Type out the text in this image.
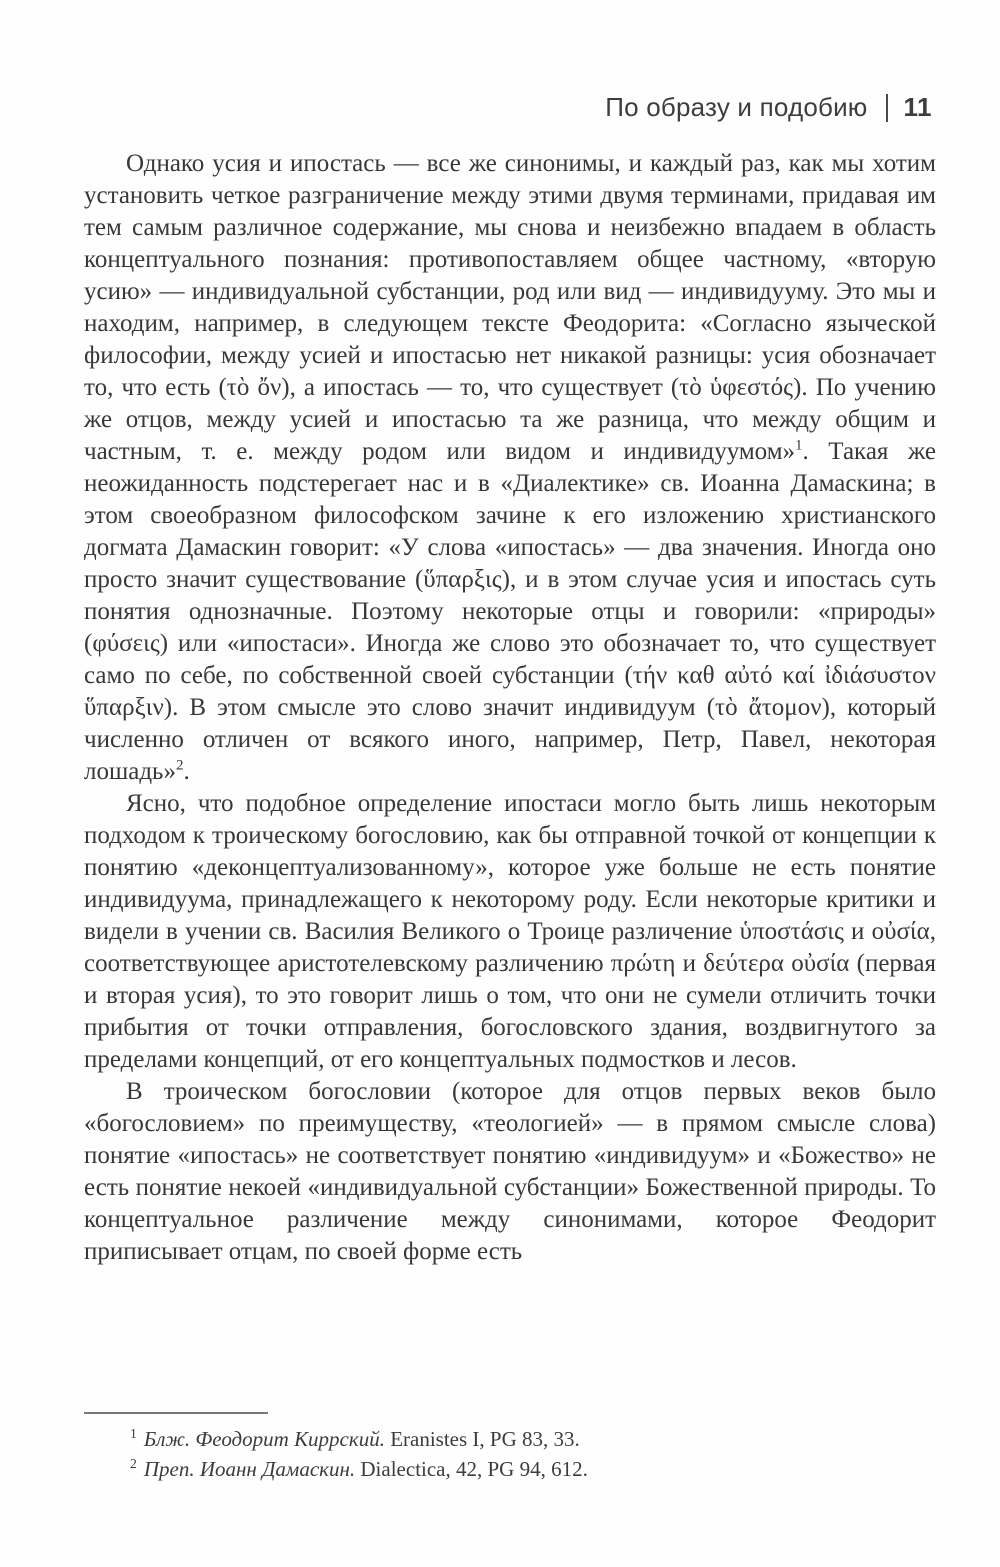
По образу и подобию 11

Однако усия и ипостась — все же синонимы, и каждый раз, как мы хотим установить четкое разграничение между этими двумя терминами, придавая им тем самым различное содержание, мы снова и неизбежно впадаем в область концептуального познания: противопоставляем общее частному, «вторую усию» — индивидуальной субстанции, род или вид — индивидууму. Это мы и находим, например, в следующем тексте Феодорита: «Согласно языческой философии, между усией и ипостасью нет никакой разницы: усия обозначает то, что есть (τὸ ὄν), а ипостась — то, что существует (τὸ ὑφεστός). По учению же отцов, между усией и ипостасью та же разница, что между общим и частным, т. е. между родом или видом и индивидуумом»$^1$. Такая же неожиданность подстерегает нас и в «Диалектике» св. Иоанна Дамаскина; в этом своеобразном философском зачине к его изложению христианского догмата Дамаскин говорит: «У слова «ипостась» — два значения. Иногда оно просто значит существование (ὕπαρξις), и в этом случае усия и ипостась суть понятия однозначные. Поэтому некоторые отцы и говорили: «природы» (φύσεις) или «ипостаси». Иногда же слово это обозначает то, что существует само по себе, по собственной своей субстанции (τήν καθ αὐτό καί ἰδιάσυστον ὕπαρξιν). В этом смысле это слово значит индивидуум (τὸ ἄτομον), который численно отличен от всякого иного, например, Петр, Павел, некоторая лошадь»$^2$.

Ясно, что подобное определение ипостаси могло быть лишь некоторым подходом к троическому богословию, как бы отправной точкой от концепции к понятию «деконцептуализованному», которое уже больше не есть понятие индивидуума, принадлежащего к некоторому роду. Если некоторые критики и видели в учении св. Василия Великого о Троице различение ὑποστάσις и οὐσία, соответствующее аристотелевскому различению πρώτη и δεύτερα οὐσία (первая и вторая усия), то это говорит лишь о том, что они не сумели отличить точки прибытия от точки отправления, богословского здания, воздвигнутого за пределами концепций, от его концептуальных подмостков и лесов.

В троическом богословии (которое для отцов первых веков было «богословием» по преимуществу, «теологией» — в прямом смысле слова) понятие «ипостась» не соответствует понятию «индивидуум» и «Божество» не есть понятие некоей «индивидуальной субстанции» Божественной природы. То концептуальное различение между синонимами, которое Феодорит приписывает отцам, по своей форме есть

$^1$ Блж. Феодорит Киррский. Eranistes I, PG 83, 33.
$^2$ Преп. Иоанн Дамаскин. Dialectica, 42, PG 94, 612.
